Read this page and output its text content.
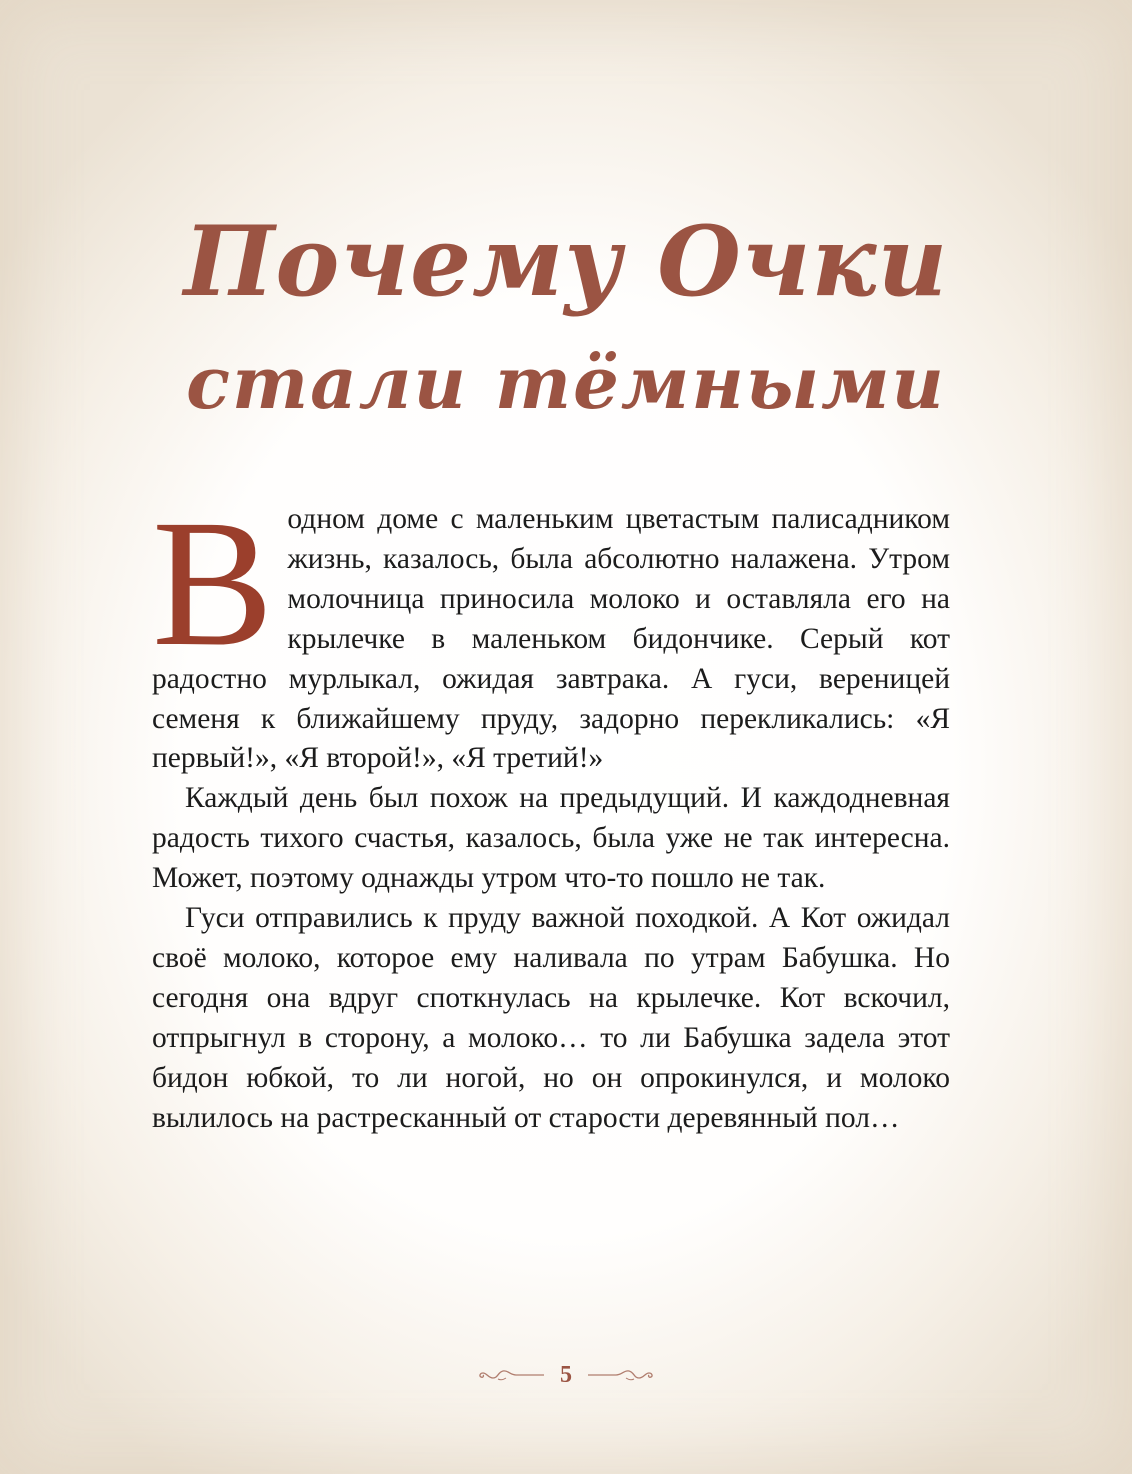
Почему Очки
стали тёмными

В одном доме с маленьким цветастым палисадником жизнь, казалось, была абсолютно налажена. Утром молочница приносила молоко и оставляла его на крылечке в маленьком бидончике. Серый кот радостно мурлыкал, ожидая завтрака. А гуси, вереницей семеня к ближайшему пруду, задорно перекликались: «Я первый!», «Я второй!», «Я третий!»

Каждый день был похож на предыдущий. И каждодневная радость тихого счастья, казалось, была уже не так интересна. Может, поэтому однажды утром что-то пошло не так.

Гуси отправились к пруду важной походкой. А Кот ожидал своё молоко, которое ему наливала по утрам Бабушка. Но сегодня она вдруг споткнулась на крылечке. Кот вскочил, отпрыгнул в сторону, а молоко… то ли Бабушка задела этот бидон юбкой, то ли ногой, но он опрокинулся, и молоко вылилось на растресканный от старости деревянный пол…

5
